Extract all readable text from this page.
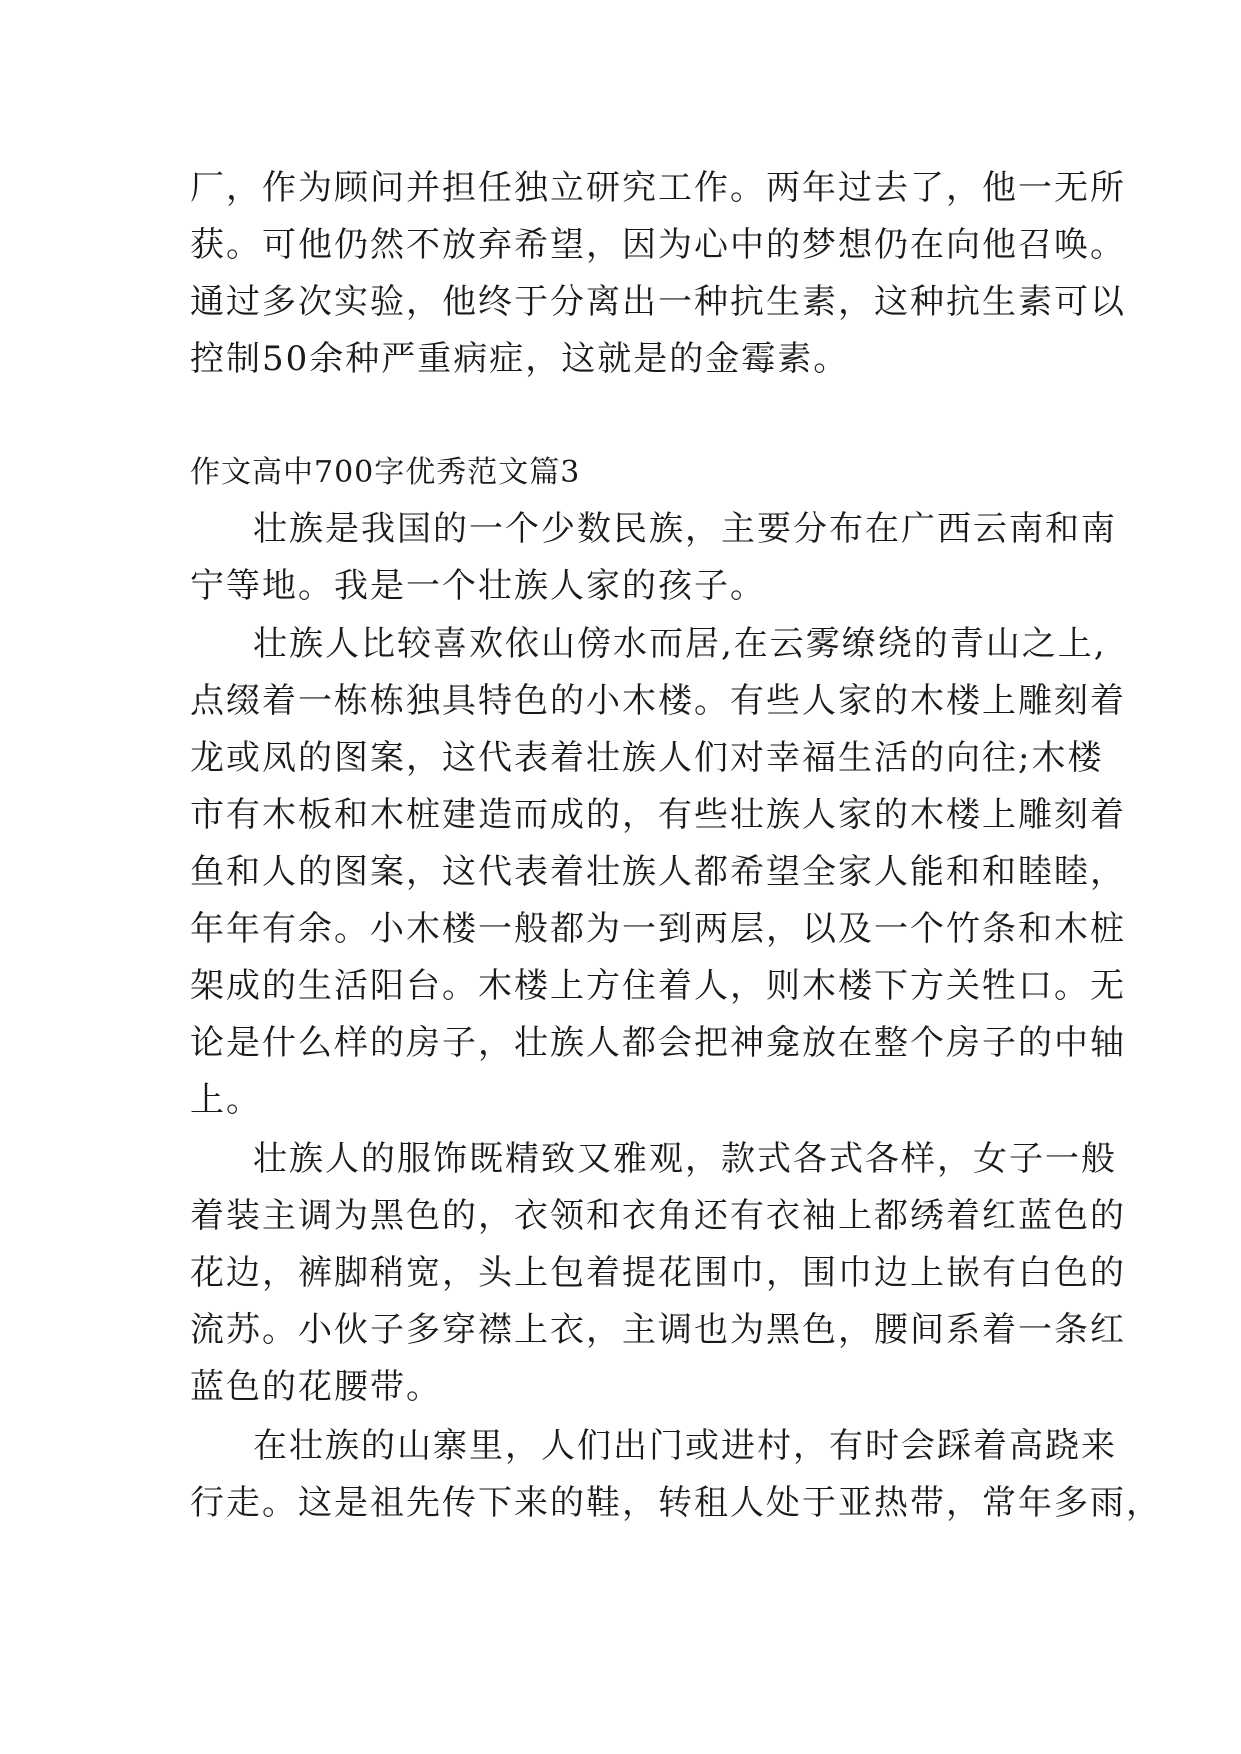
厂，作为顾问并担任独立研究工作。两年过去了，他一无所
获。可他仍然不放弃希望，因为心中的梦想仍在向他召唤。
通过多次实验，他终于分离出一种抗生素，这种抗生素可以
控制50余种严重病症，这就是的金霉素。
作文高中700字优秀范文篇3
壮族是我国的一个少数民族，主要分布在广西云南和南
宁等地。我是一个壮族人家的孩子。
壮族人比较喜欢依山傍水而居,在云雾缭绕的青山之上,
点缀着一栋栋独具特色的小木楼。有些人家的木楼上雕刻着
龙或凤的图案，这代表着壮族人们对幸福生活的向往;木楼
市有木板和木桩建造而成的，有些壮族人家的木楼上雕刻着
鱼和人的图案，这代表着壮族人都希望全家人能和和睦睦，
年年有余。小木楼一般都为一到两层，以及一个竹条和木桩
架成的生活阳台。木楼上方住着人，则木楼下方关牲口。无
论是什么样的房子，壮族人都会把神龛放在整个房子的中轴
上。
壮族人的服饰既精致又雅观，款式各式各样，女子一般
着装主调为黑色的，衣领和衣角还有衣袖上都绣着红蓝色的
花边，裤脚稍宽，头上包着提花围巾，围巾边上嵌有白色的
流苏。小伙子多穿襟上衣，主调也为黑色，腰间系着一条红
蓝色的花腰带。
在壮族的山寨里，人们出门或进村，有时会踩着高跷来
行走。这是祖先传下来的鞋，转租人处于亚热带，常年多雨，
